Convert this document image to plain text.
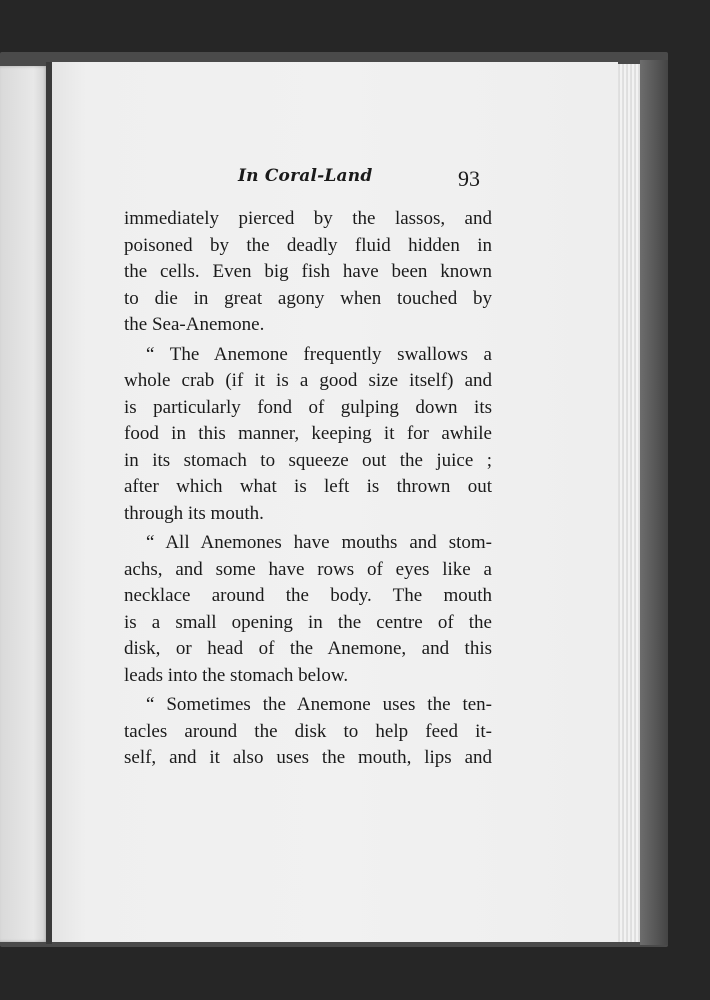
In Coral-Land	93
immediately pierced by the lassos, and
poisoned by the deadly fluid hidden in
the cells. Even big fish have been known
to die in great agony when touched by
the Sea-Anemone.
“ The Anemone frequently swallows a
whole crab (if it is a good size itself) and
is particularly fond of gulping down its
food in this manner, keeping it for awhile
in its stomach to squeeze out the juice ;
after which what is left is thrown out
through its mouth.
“ All Anemones have mouths and stom-
achs, and some have rows of eyes like a
necklace around the body. The mouth
is a small opening in the centre of the
disk, or head of the Anemone, and this
leads into the stomach below.
“ Sometimes the Anemone uses the ten-
tacles around the disk to help feed it-
self, and it also uses the mouth, lips and
